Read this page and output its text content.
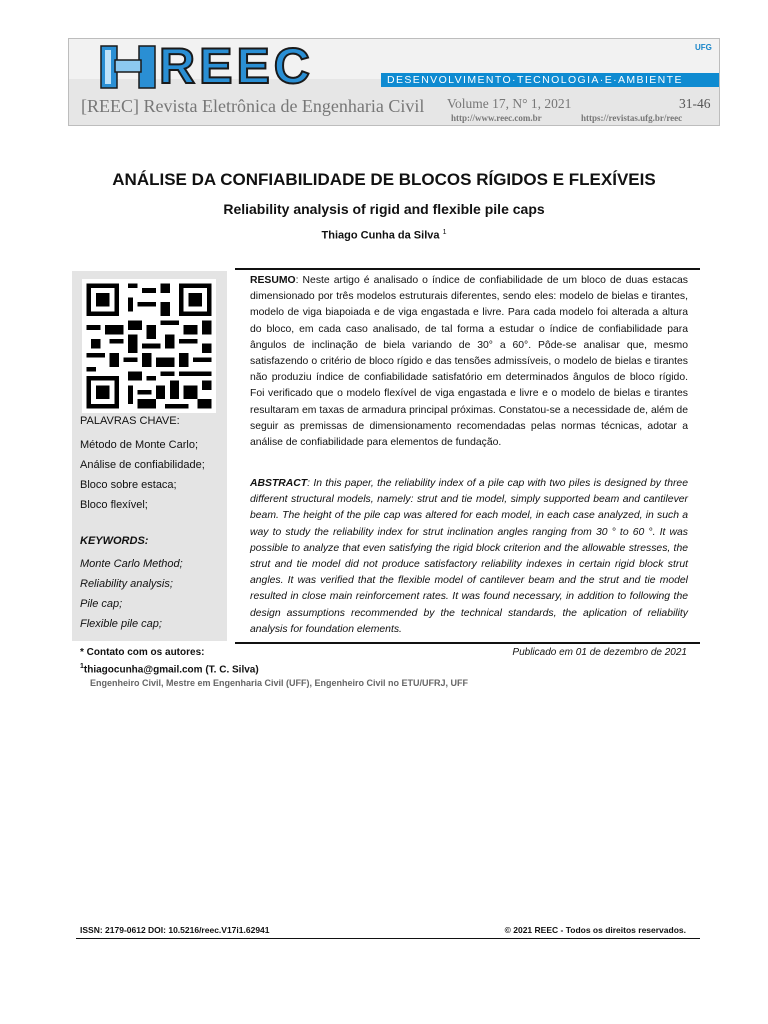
REEC	DESENVOLVIMENTO·TECNOLOGIA·E·AMBIENTE
UFG
[REEC] Revista Eletrônica de Engenharia Civil Volume 17, N° 1, 2021	31-46
http://www.reec.com.br	https://revistas.ufg.br/reec
ANÁLISE DA CONFIABILIDADE DE BLOCOS RÍGIDOS E FLEXÍVEIS
Reliability analysis of rigid and flexible pile caps
Thiago Cunha da Silva $^1$
PALAVRAS CHAVE:
Método de Monte Carlo;
Análise de confiabilidade;
Bloco sobre estaca;
Bloco flexível;
KEYWORDS:
Monte Carlo Method;
Reliability analysis;
Pile cap;
Flexible pile cap;
RESUMO: Neste artigo é analisado o índice de confiabilidade de um bloco de duas estacas dimensionado por três modelos estruturais diferentes, sendo eles: modelo de bielas e tirantes, modelo de viga biapoiada e de viga engastada e livre. Para cada modelo foi alterada a altura do bloco, em cada caso analisado, de tal forma a estudar o índice de confiabilidade para ângulos de inclinação de biela variando de 30° a 60°. Pôde-se analisar que, mesmo satisfazendo o critério de bloco rígido e das tensões admissíveis, o modelo de bielas e tirantes não produziu índice de confiabilidade satisfatório em determinados ângulos de bloco rígido. Foi verificado que o modelo flexível de viga engastada e livre e o modelo de bielas e tirantes resultaram em taxas de armadura principal próximas. Constatou-se a necessidade de, além de seguir as premissas de dimensionamento recomendadas pelas normas técnicas, adotar a análise de confiabilidade para elementos de fundação.
ABSTRACT: In this paper, the reliability index of a pile cap with two piles is designed by three different structural models, namely: strut and tie model, simply supported beam and cantilever beam. The height of the pile cap was altered for each model, in each case analyzed, in such a way to study the reliability index for strut inclination angles ranging from 30 ° to 60 °. It was possible to analyze that even satisfying the rigid block criterion and the allowable stresses, the strut and tie model did not produce satisfactory reliability indexes in certain rigid block strut angles. It was verified that the flexible model of cantilever beam and the strut and tie model resulted in close main reinforcement rates. It was found necessary, in addition to following the design assumptions recommended by the technical standards, the aplication of reliability analysis for foundation elements.
* Contato com os autores:	Publicado em 01 de dezembro de 2021
$^1$thiagocunha@gmail.com (T. C. Silva)
Engenheiro Civil, Mestre em Engenharia Civil (UFF), Engenheiro Civil no ETU/UFRJ, UFF
ISSN: 2179-0612 DOI: 10.5216/reec.V17i1.62941	© 2021 REEC - Todos os direitos reservados.
